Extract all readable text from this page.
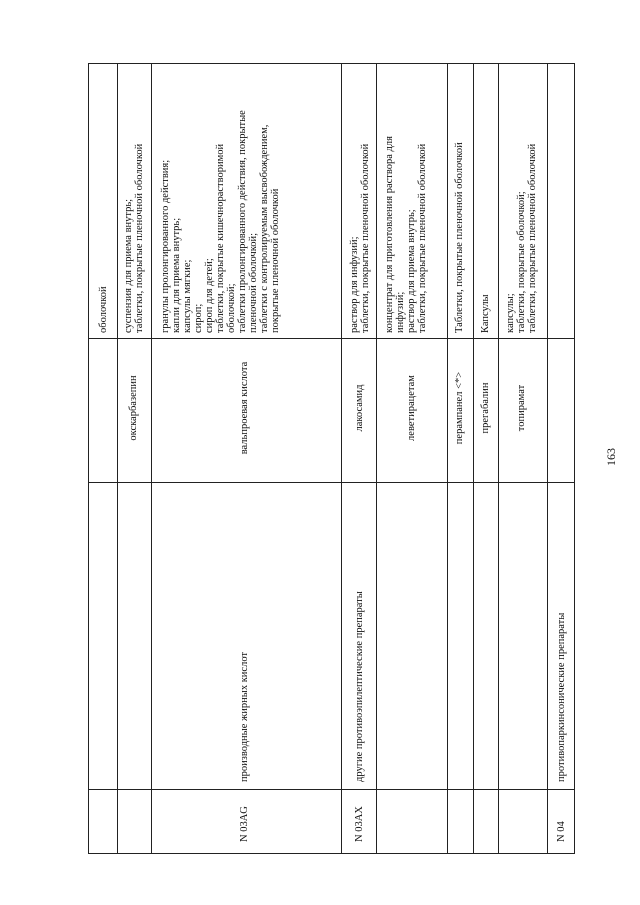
оболочкой
окскарбазепин
суспензия для приема внутрь;
таблетки, покрытые пленочной оболочкой
N 03AG
производные жирных кислот
вальпроевая кислота
гранулы пролонгированного действия;
капли для приема внутрь;
капсулы мягкие;
сироп;
сироп для детей;
таблетки, покрытые кишечнорастворимой
оболочкой;
таблетки пролонгированного действия, покрытые
пленочной оболочкой;
таблетки с контролируемым высвобождением,
покрытые пленочной оболочкой
N 03AX
другие противоэпилептические препараты
лакосамид
раствор для инфузий;
таблетки, покрытые пленочной оболочкой
леветирацетам
концентрат для приготовления раствора для
инфузий;
раствор для приема внутрь;
таблетки, покрытые пленочной оболочкой
перампанел <*>
Таблетки, покрытые пленочной оболочкой
прегабалин
Капсулы
топирамат
капсулы;
таблетки, покрытые оболочкой;
таблетки, покрытые пленочной оболочкой
N 04
противопаркинсонические препараты
163
